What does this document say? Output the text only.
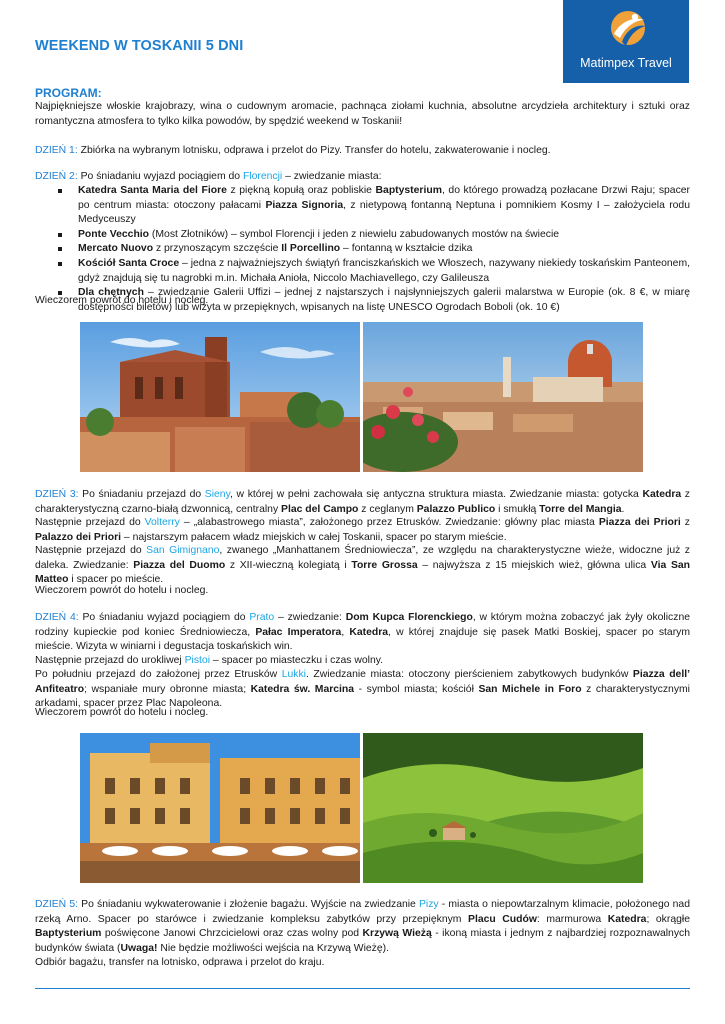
WEEKEND W TOSKANII 5 DNI
Matimpex Travel
PROGRAM:

Najpiękniejsze włoskie krajobrazy, wina o cudownym aromacie, pachnąca ziołami kuchnia, absolutne arcydzieła architektury i sztuki oraz romantyczna atmosfera to tylko kilka powodów, by spędzić weekend w Toskanii!

DZIEŃ 1: Zbiórka na wybranym lotnisku, odprawa i przelot do Pizy. Transfer do hotelu, zakwaterowanie i nocleg.

DZIEŃ 2: Po śniadaniu wyjazd pociągiem do Florencji – zwiedzanie miasta:

Katedra Santa Maria del Fiore z piękną kopułą oraz pobliskie Baptysterium, do którego prowadzą pozłacane Drzwi Raju; spacer po centrum miasta: otoczony pałacami Piazza Signoria, z nietypową fontanną Neptuna i pomnikiem Kosmy I – założyciela rodu Medyceuszy
Ponte Vecchio (Most Złotników) – symbol Florencji i jeden z niewielu zabudowanych mostów na świecie
Mercato Nuovo z przynoszącym szczęście Il Porcellino – fontanną w kształcie dzika
Kościół Santa Croce – jedna z najważniejszych świątyń franciszkańskich we Włoszech, nazywany niekiedy toskańskim Panteonem, gdyż znajdują się tu nagrobki m.in. Michała Anioła, Niccolo Machiavellego, czy Galileusza
Dla chętnych – zwiedzanie Galerii Uffizi – jednej z najstarszych i najsłynniejszych galerii malarstwa w Europie (ok. 8 €, w miarę dostępności biletów) lub wizyta w przepięknych, wpisanych na listę UNESCO Ogrodach Boboli (ok. 10 €)

Wieczorem powrót do hotelu i nocleg.

DZIEŃ 3: Po śniadaniu przejazd do Sieny, w której w pełni zachowała się antyczna struktura miasta. Zwiedzanie miasta: gotycka Katedra z charakterystyczną czarno-białą dzwonnicą, centralny Plac del Campo z ceglanym Palazzo Publico i smukłą Torre del Mangia.

Następnie przejazd do Volterry – „alabastrowego miasta”, założonego przez Etrusków. Zwiedzanie: główny plac miasta Piazza dei Priori z Palazzo dei Priori – najstarszym pałacem władz miejskich w całej Toskanii, spacer po starym mieście.

Następnie przejazd do San Gimignano, zwanego „Manhattanem Średniowiecza”, ze względu na charakterystyczne wieże, widoczne już z daleka. Zwiedzanie: Piazza del Duomo z XII-wieczną kolegiatą i Torre Grossa – najwyższa z 15 miejskich wież, główna ulica Via San Matteo i spacer po mieście.

Wieczorem powrót do hotelu i nocleg.

DZIEŃ 4: Po śniadaniu wyjazd pociągiem do Prato – zwiedzanie: Dom Kupca Florenckiego, w którym można zobaczyć jak żyły okoliczne rodziny kupieckie pod koniec Średniowiecza, Pałac Imperatora, Katedra, w której znajduje się pasek Matki Boskiej, spacer po starym mieście. Wizyta w winiarni i degustacja toskańskich win.

Następnie przejazd do urokliwej Pistoi – spacer po miasteczku i czas wolny.

Po południu przejazd do założonej przez Etrusków Lukki. Zwiedzanie miasta: otoczony pierścieniem zabytkowych budynków Piazza dell’ Anfiteatro; wspaniałe mury obronne miasta; Katedra św. Marcina - symbol miasta; kościół San Michele in Foro z charakterystycznymi arkadami, spacer przez Plac Napoleona.

Wieczorem powrót do hotelu i nocleg.

DZIEŃ 5: Po śniadaniu wykwaterowanie i złożenie bagażu. Wyjście na zwiedzanie Pizy - miasta o niepowtarzalnym klimacie, położonego nad rzeką Arno. Spacer po starówce i zwiedzanie kompleksu zabytków przy przepięknym Placu Cudów: marmurowa Katedra; okrągłe Baptysterium poświęcone Janowi Chrzcicielowi oraz czas wolny pod Krzywą Wieżą - ikoną miasta i jednym z najbardziej rozpoznawalnych budynków świata (Uwaga! Nie będzie możliwości wejścia na Krzywą Wieżę).

Odbiór bagażu, transfer na lotnisko, odprawa i przelot do kraju.
